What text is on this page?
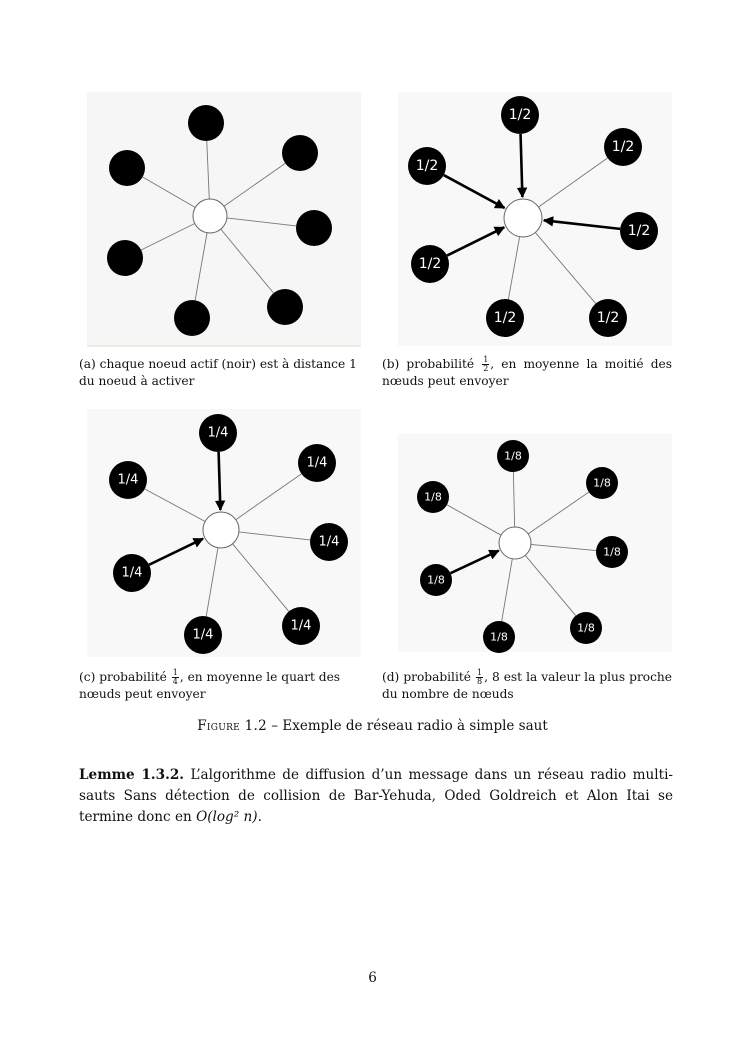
1/2
1/2
1/2
1/2
1/2
1/2
1/2
1/4
1/4
1/4
1/4
1/4
1/4
1/4
1/8
1/8
1/8
1/8
1/8
1/8
1/8
(a) chaque noeud actif (noir) est à distance 1 du noeud à activer
(b) probabilité $\frac{1}{2}$ , en moyenne la moitié des nœuds peut envoyer
(c) probabilité $\frac{1}{4}$ , en moyenne le quart des nœuds peut envoyer
(d) probabilité $\frac{1}{8}$ , 8 est la valeur la plus proche du nombre de nœuds
Figure 1.2 – Exemple de réseau radio à simple saut
Lemme 1.3.2. L’algorithme de diffusion d’un message dans un réseau radio multi-sauts Sans détection de collision de Bar-Yehuda, Oded Goldreich et Alon Itai se termine donc en O(log² n).
6
